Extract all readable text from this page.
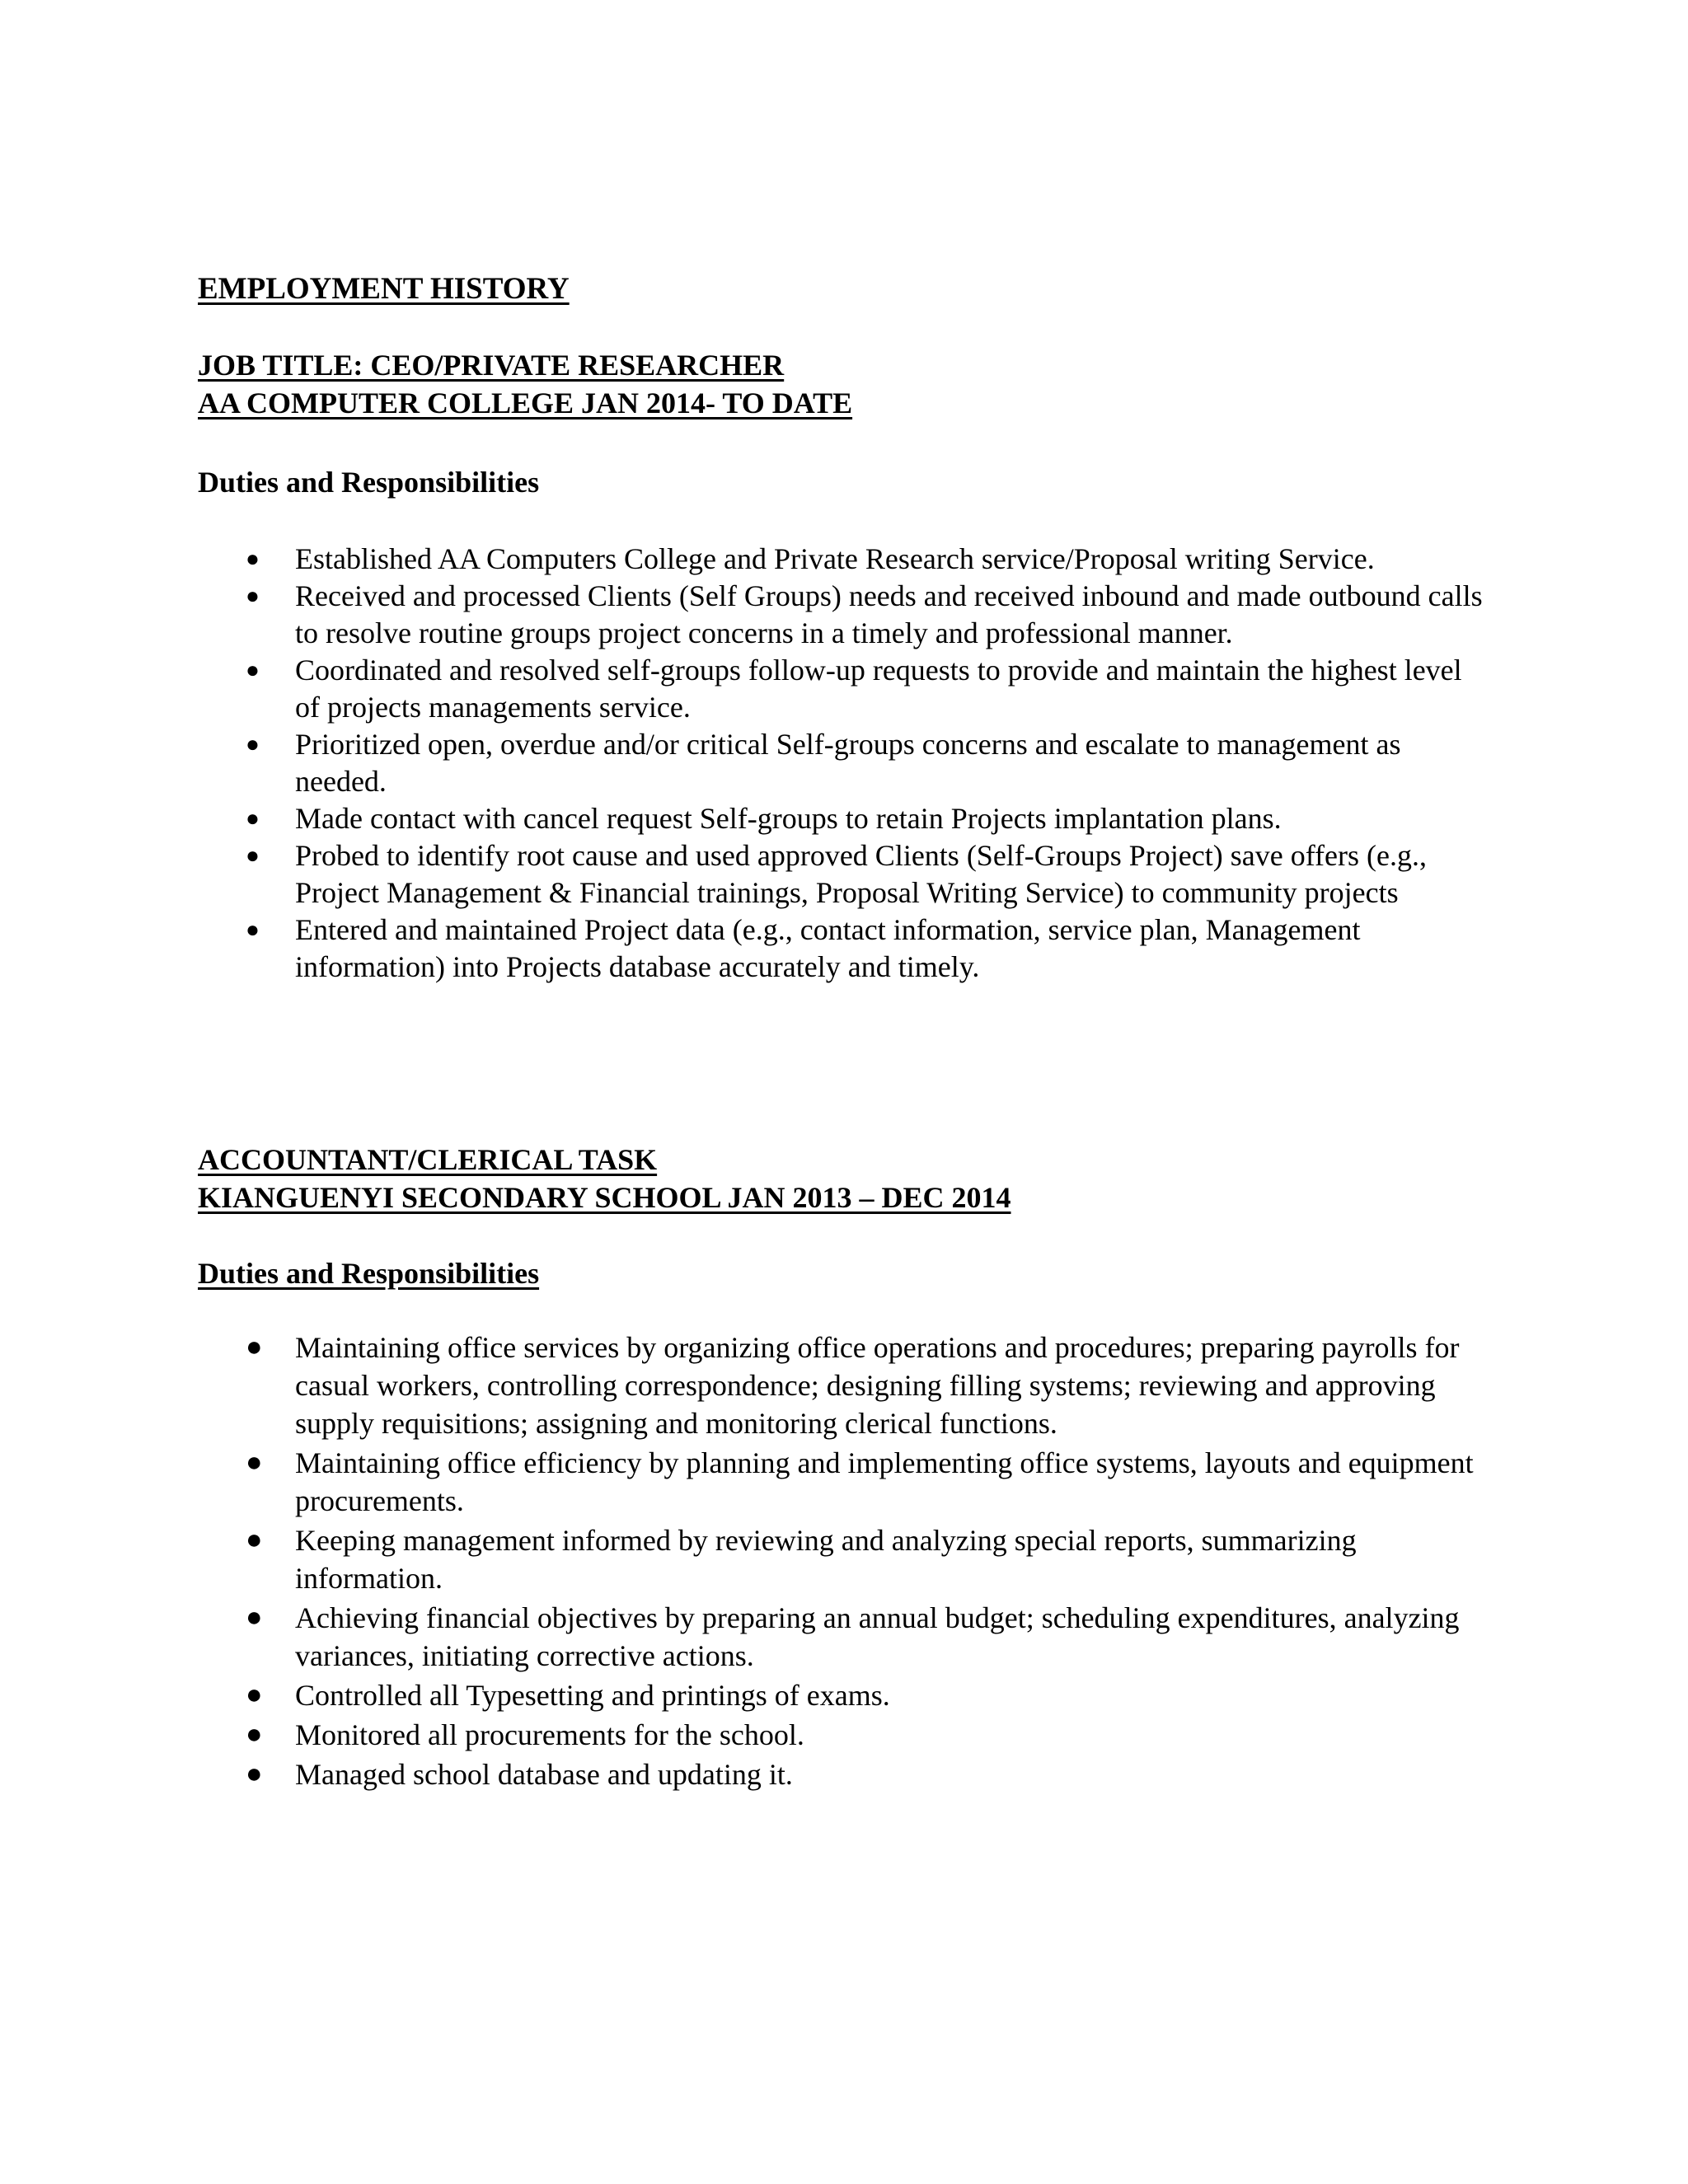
EMPLOYMENT HISTORY
JOB TITLE: CEO/PRIVATE RESEARCHER
AA COMPUTER COLLEGE JAN 2014- TO DATE
Duties and Responsibilities
● Established AA Computers College and Private Research service/Proposal writing Service.
● Received and processed Clients (Self Groups) needs and received inbound and made outbound calls to resolve routine groups project concerns in a timely and professional manner.
● Coordinated and resolved self-groups follow-up requests to provide and maintain the highest level of projects managements service.
● Prioritized open, overdue and/or critical Self-groups concerns and escalate to management as needed.
● Made contact with cancel request Self-groups to retain Projects implantation plans.
● Probed to identify root cause and used approved Clients (Self-Groups Project) save offers (e.g., Project Management & Financial trainings, Proposal Writing Service) to community projects
● Entered and maintained Project data (e.g., contact information, service plan, Management information) into Projects database accurately and timely.
ACCOUNTANT/CLERICAL TASK
KIANGUENYI SECONDARY SCHOOL JAN 2013 – DEC 2014
Duties and Responsibilities
● Maintaining office services by organizing office operations and procedures; preparing payrolls for casual workers, controlling correspondence; designing filling systems; reviewing and approving supply requisitions; assigning and monitoring clerical functions.
● Maintaining office efficiency by planning and implementing office systems, layouts and equipment procurements.
● Keeping management informed by reviewing and analyzing special reports, summarizing information.
● Achieving financial objectives by preparing an annual budget; scheduling expenditures, analyzing variances, initiating corrective actions.
● Controlled all Typesetting and printings of exams.
● Monitored all procurements for the school.
● Managed school database and updating it.
